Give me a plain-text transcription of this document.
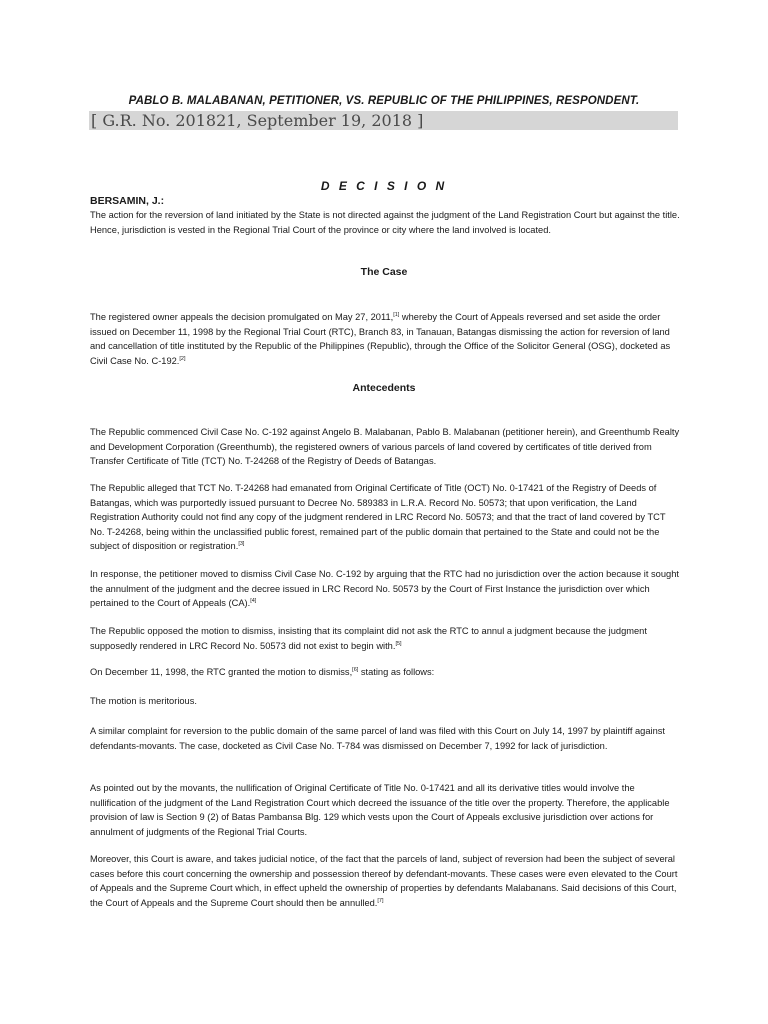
PABLO B. MALABANAN, PETITIONER, VS. REPUBLIC OF THE PHILIPPINES, RESPONDENT.
[ G.R. No. 201821, September 19, 2018 ]
D E C I S I O N
BERSAMIN, J.:

The action for the reversion of land initiated by the State is not directed against the judgment of the Land Registration Court but against the title. Hence, jurisdiction is vested in the Regional Trial Court of the province or city where the land involved is located.

The Case

The registered owner appeals the decision promulgated on May 27, 2011,[1] whereby the Court of Appeals reversed and set aside the order issued on December 11, 1998 by the Regional Trial Court (RTC), Branch 83, in Tanauan, Batangas dismissing the action for reversion of land and cancellation of title instituted by the Republic of the Philippines (Republic), through the Office of the Solicitor General (OSG), docketed as Civil Case No. C-192.[2]

Antecedents

The Republic commenced Civil Case No. C-192 against Angelo B. Malabanan, Pablo B. Malabanan (petitioner herein), and Greenthumb Realty and Development Corporation (Greenthumb), the registered owners of various parcels of land covered by certificates of title derived from Transfer Certificate of Title (TCT) No. T-24268 of the Registry of Deeds of Batangas.

The Republic alleged that TCT No. T-24268 had emanated from Original Certificate of Title (OCT) No. 0-17421 of the Registry of Deeds of Batangas, which was purportedly issued pursuant to Decree No. 589383 in L.R.A. Record No. 50573; that upon verification, the Land Registration Authority could not find any copy of the judgment rendered in LRC Record No. 50573; and that the tract of land covered by TCT No. T-24268, being within the unclassified public forest, remained part of the public domain that pertained to the State and could not be the subject of disposition or registration.[3]

In response, the petitioner moved to dismiss Civil Case No. C-192 by arguing that the RTC had no jurisdiction over the action because it sought the annulment of the judgment and the decree issued in LRC Record No. 50573 by the Court of First Instance the jurisdiction over which pertained to the Court of Appeals (CA).[4]

The Republic opposed the motion to dismiss, insisting that its complaint did not ask the RTC to annul a judgment because the judgment supposedly rendered in LRC Record No. 50573 did not exist to begin with.[5]

On December 11, 1998, the RTC granted the motion to dismiss,[6] stating as follows:

The motion is meritorious.

A similar complaint for reversion to the public domain of the same parcel of land was filed with this Court on July 14, 1997 by plaintiff against defendants-movants. The case, docketed as Civil Case No. T-784 was dismissed on December 7, 1992 for lack of jurisdiction.

As pointed out by the movants, the nullification of Original Certificate of Title No. 0-17421 and all its derivative titles would involve the nullification of the judgment of the Land Registration Court which decreed the issuance of the title over the property. Therefore, the applicable provision of law is Section 9 (2) of Batas Pambansa Blg. 129 which vests upon the Court of Appeals exclusive jurisdiction over actions for annulment of judgments of the Regional Trial Courts.

Moreover, this Court is aware, and takes judicial notice, of the fact that the parcels of land, subject of reversion had been the subject of several cases before this court concerning the ownership and possession thereof by defendant-movants. These cases were even elevated to the Court of Appeals and the Supreme Court which, in effect upheld the ownership of properties by defendants Malabanans. Said decisions of this Court, the Court of Appeals and the Supreme Court should then be annulled.[7]
